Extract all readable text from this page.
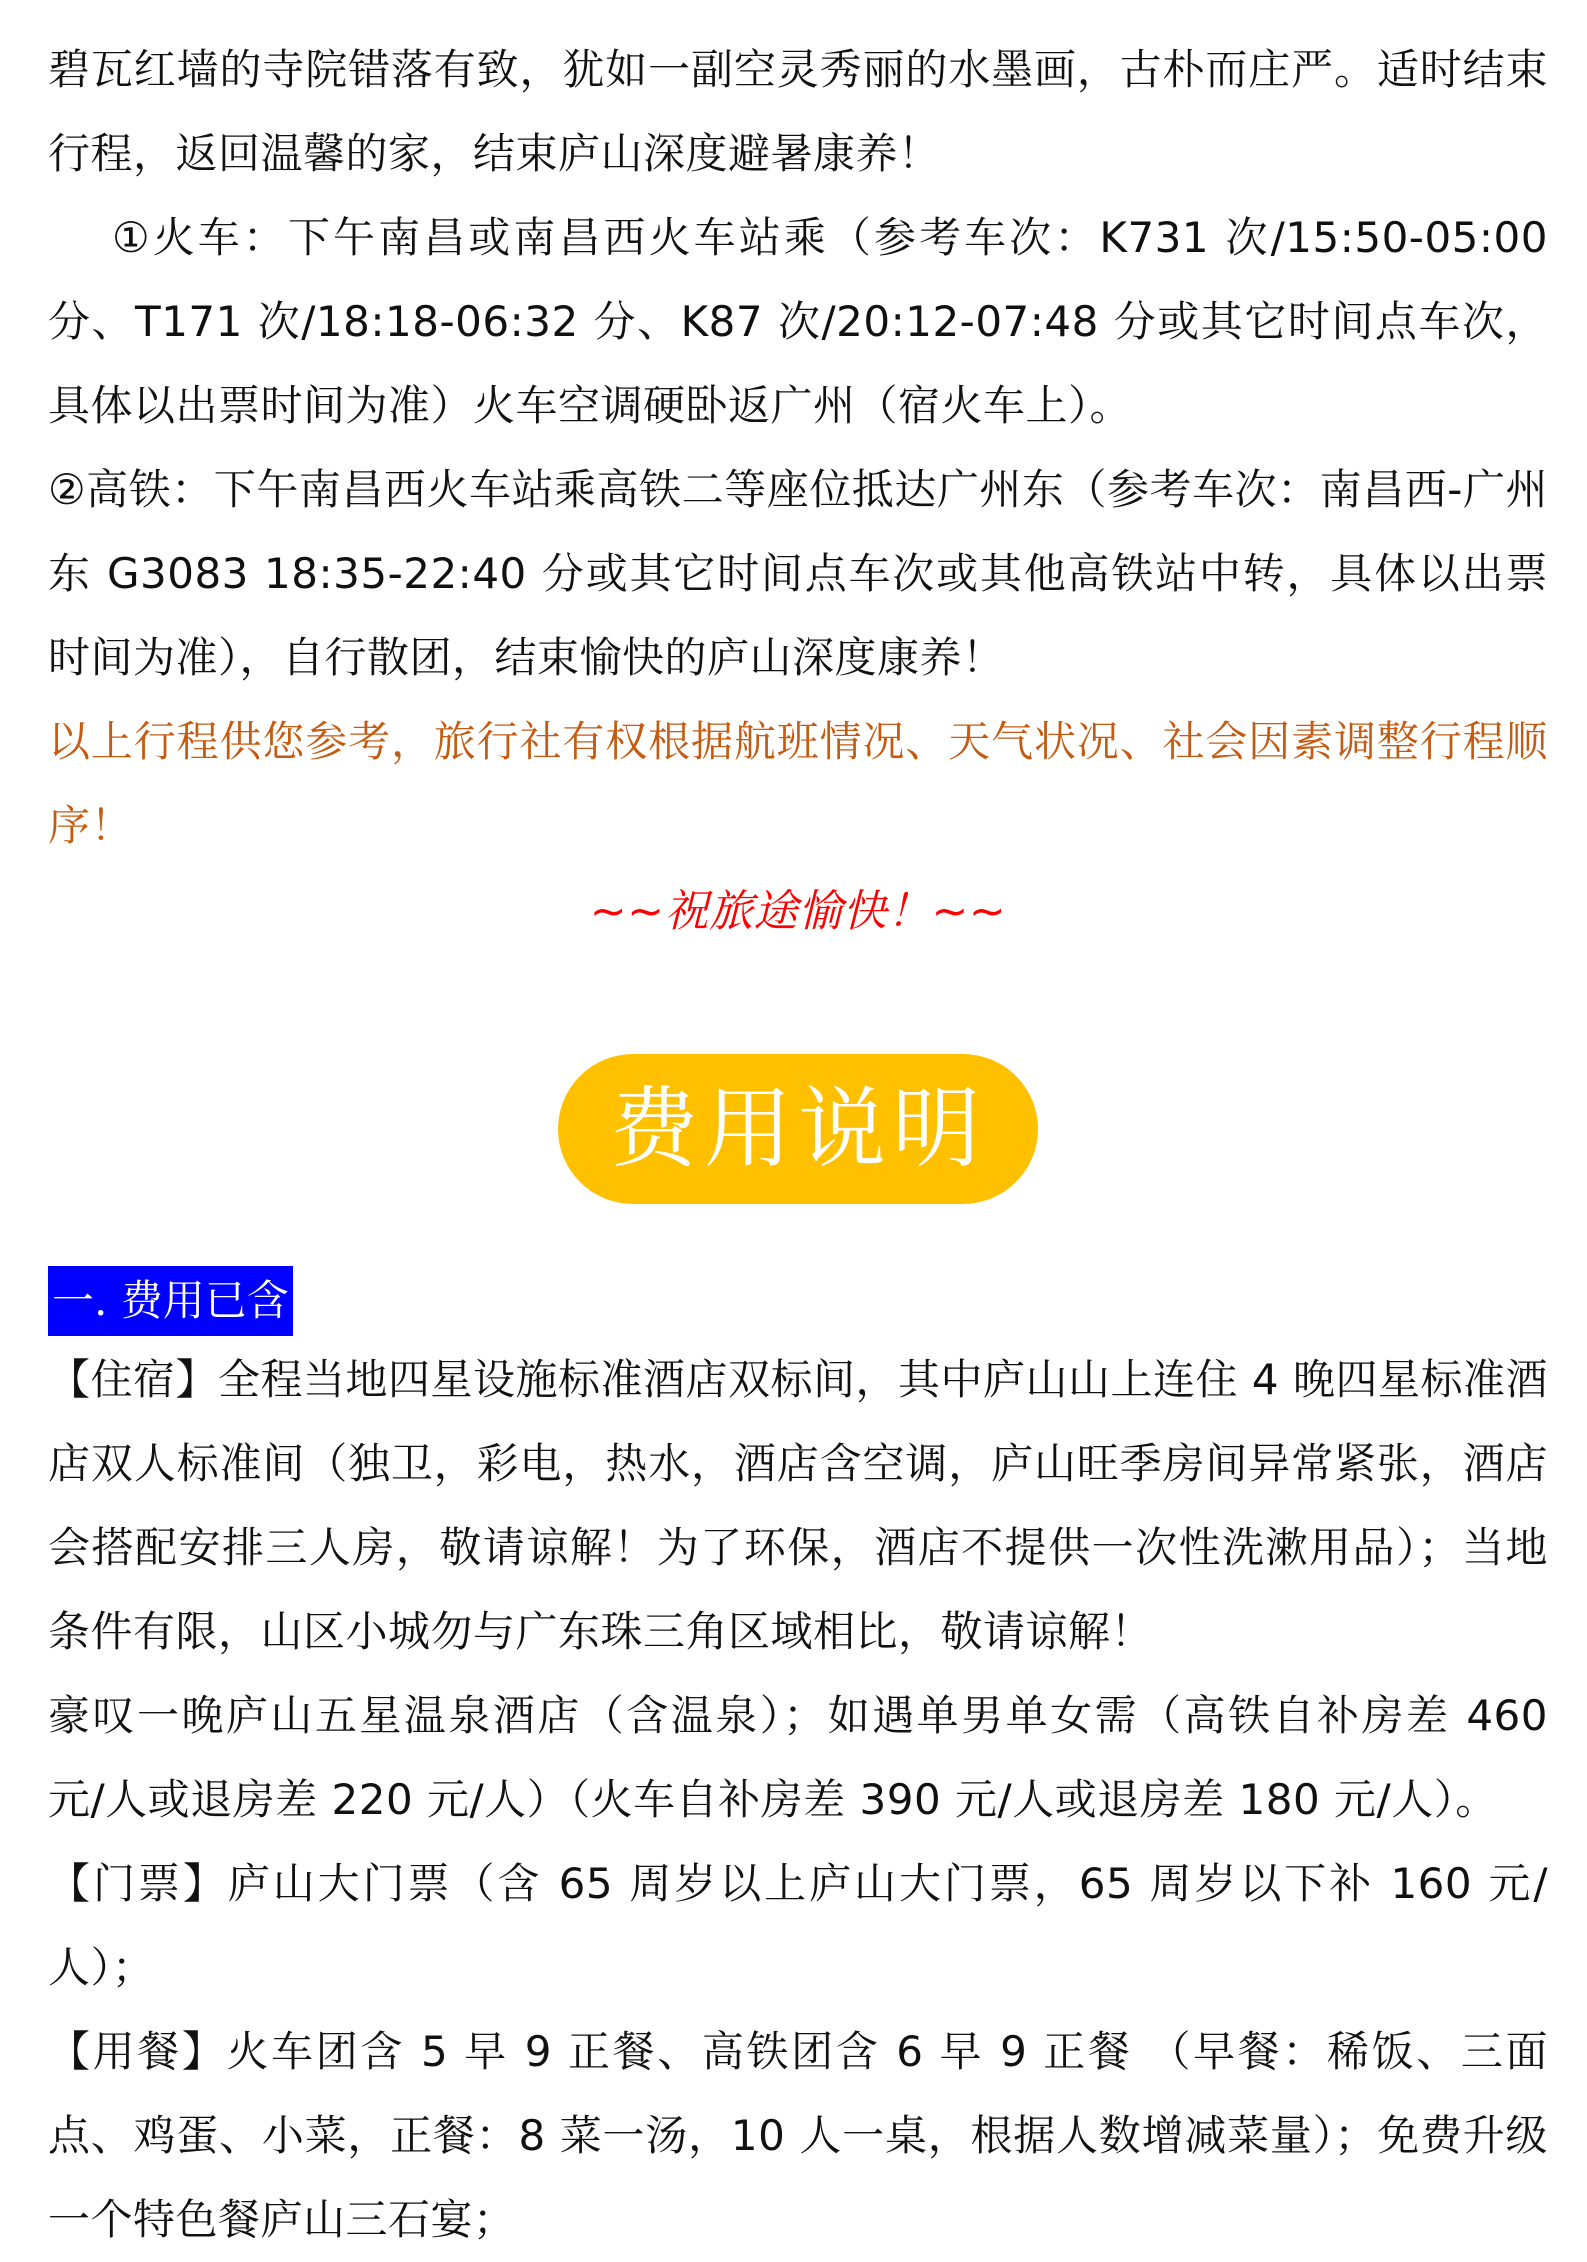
碧瓦红墙的寺院错落有致，犹如一副空灵秀丽的水墨画，古朴而庄严。适时结束行程，返回温馨的家，结束庐山深度避暑康养！

①火车：下午南昌或南昌西火车站乘（参考车次：K731 次/15:50-05:00 分、T171 次/18:18-06:32 分、K87 次/20:12-07:48 分或其它时间点车次，具体以出票时间为准）火车空调硬卧返广州（宿火车上）。

②高铁：下午南昌西火车站乘高铁二等座位抵达广州东（参考车次：南昌西-广州东 G3083 18:35-22:40 分或其它时间点车次或其他高铁站中转，具体以出票时间为准），自行散团，结束愉快的庐山深度康养！

以上行程供您参考，旅行社有权根据航班情况、天气状况、社会因素调整行程顺序！

~~祝旅途愉快！~~

费用说明
一. 费用已含

【住宿】全程当地四星设施标准酒店双标间，其中庐山山上连住 4 晚四星标准酒店双人标准间（独卫，彩电，热水，酒店含空调，庐山旺季房间异常紧张，酒店会搭配安排三人房，敬请谅解！为了环保，酒店不提供一次性洗漱用品）；当地条件有限，山区小城勿与广东珠三角区域相比，敬请谅解！

豪叹一晚庐山五星温泉酒店（含温泉）；如遇单男单女需（高铁自补房差 460 元/人或退房差 220 元/人）（火车自补房差 390 元/人或退房差 180 元/人）。

【门票】庐山大门票（含 65 周岁以上庐山大门票，65 周岁以下补 160 元/人）；

【用餐】火车团含 5 早 9 正餐、高铁团含 6 早 9 正餐 （早餐：稀饭、三面点、鸡蛋、小菜，正餐：8 菜一汤，10 人一桌，根据人数增减菜量）；免费升级一个特色餐庐山三石宴；
